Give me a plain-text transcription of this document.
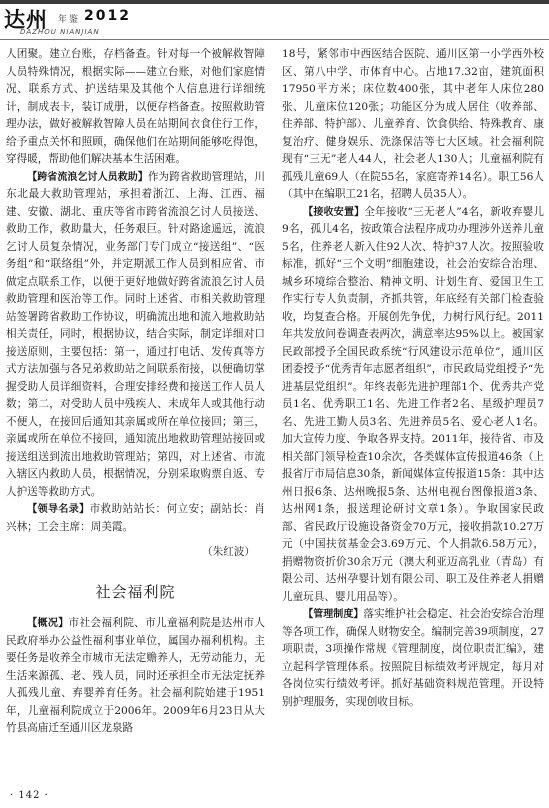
达州 年鉴 2012
DAZHOU NIANJIAN

人团聚。建立台账，存档备查。针对每一个被解救智障人员特殊情况，根据实际——建立台账，对他们家庭情况、联系方式、护送结果及其他个人信息进行详细统计，制成表卡，装订成册，以便存档备查。按照救助管理办法，做好被解救智障人员在站期间衣食住行工作，给予重点关怀和照顾，确保他们在站期间能够吃得饱，穿得暖，帮助他们解决基本生活困难。

【跨省流浪乞讨人员救助】作为跨省救助管理站，川东北最大救助管理站，承担着浙江、上海、江西、福建、安徽、湖北、重庆等省市跨省流浪乞讨人员接送、救助工作，救助量大，任务艰巨。针对路途遥远，流浪乞讨人员复杂情况，业务部门专门成立“接送组”、“医务组”和“联络组”外，并定期派工作人员到相应省、市做定点联系工作，以便于更好地做好跨省流浪乞讨人员救助管理和医治等工作。同时上述省、市相关救助管理站签署跨省救助工作协议，明确流出地和流入地救助站相关责任，同时，根据协议，结合实际，制定详细对口接送原则，主要包括：第一，通过打电话、发传真等方式方法加强与各兄弟救助站之间联系衔接，以便确切掌握受助人员详细资料，合理安排经费和接送工作人员人数；第二，对受助人员中残疾人、未成年人或其他行动不便人，在接回后通知其亲属或所在单位接回；第三，亲属或所在单位不接回，通知流出地救助管理站接回或接送组送到流出地救助管理站；第四，对上述省、市流入辖区内救助人员，根据情况，分别采取购票自返、专人护送等救助方式。

【领导名录】市救助站站长：何立安；副站长：肖兴林；工会主席：周美霞。

（朱红波）
社会福利院

【概况】市社会福利院、市儿童福利院是达州市人民政府举办公益性福利事业单位，属国办福利机构。主要任务是收养全市城市无法定赡养人，无劳动能力，无生活来源孤、老、残人员，同时还承担全市无法定抚养人孤残儿童、弃婴养育任务。社会福利院始建于1951年，儿童福利院成立于2006年。2009年6月23日从大竹县高庙迁至通川区龙泉路

18号，紧邻市中西医结合医院、通川区第一小学西外校区、第八中学、市体育中心。占地17.32亩，建筑面积17950平方米；床位数400张，其中老年人床位280张、儿童床位120张；功能区分为成人居住（收养部、住养部、特护部）、儿童养育、饮食供给、特殊教育、康复治疗、健身娱乐、洗涤保洁等七大区域。社会福利院现有“三无”老人44人，社会老人130人；儿童福利院有孤残儿童69人（在院55名，家庭寄养14名）。职工56人（其中在编职工21名，招聘人员35人）。

【接收安置】全年接收“三无老人”4名，新收弃婴儿9名，孤儿4名，按政策合法程序成功办理涉外送养儿童5名，住养老人新入住92人次、特护37人次。按照验收标准，抓好“三个文明”细胞建设，社会治安综合治理、城乡环境综合整治、精神文明、计划生育、爱国卫生工作实行专人负责制，齐抓共管，年底经有关部门检查验收，均复查合格。开展创先争优，力树行风行纪。2011年共发放问卷调查表两次，满意率达95%以上。被国家民政部授予全国民政系统“行风建设示范单位”，通川区团委授予“优秀青年志愿者组织”，市民政局党组授予“先进基层党组织”。年终表彰先进护理部1个、优秀共产党员1名、优秀职工1名、先进工作者2名、星级护理员7名、先进工勤人员3名、先进养员5名、爱心老人1名。加大宣传力度、争取各界支持。2011年，接待省、市及相关部门领导检查10余次，各类媒体宣传报道46条（上报省厅市局信息30条，新闻媒体宣传报道15条：其中达州日报6条、达州晚报5条、达州电视台图像报道3条、达州网1条，报送理论研讨文章1条）。争取国家民政部、省民政厅设施设备资金70万元，接收捐款10.27万元（中国扶贫基金会3.69万元、个人捐款6.58万元），捐赠物资折价30余万元（澳大利亚迈高乳业（青岛）有限公司、达州孕婴计划有限公司、职工及住养老人捐赠儿童玩具、婴儿用品等）。

【管理制度】落实维护社会稳定、社会治安综合治理等各项工作，确保人财物安全。编制完善39项制度，27项职责，3项操作常规《管理制度，岗位职责汇编》，建立起科学管理体系。按照院目标绩效考评规定，每月对各岗位实行绩效考评。抓好基础资料规范管理。开设特别护理服务，实现创收目标。

· 142 ·
